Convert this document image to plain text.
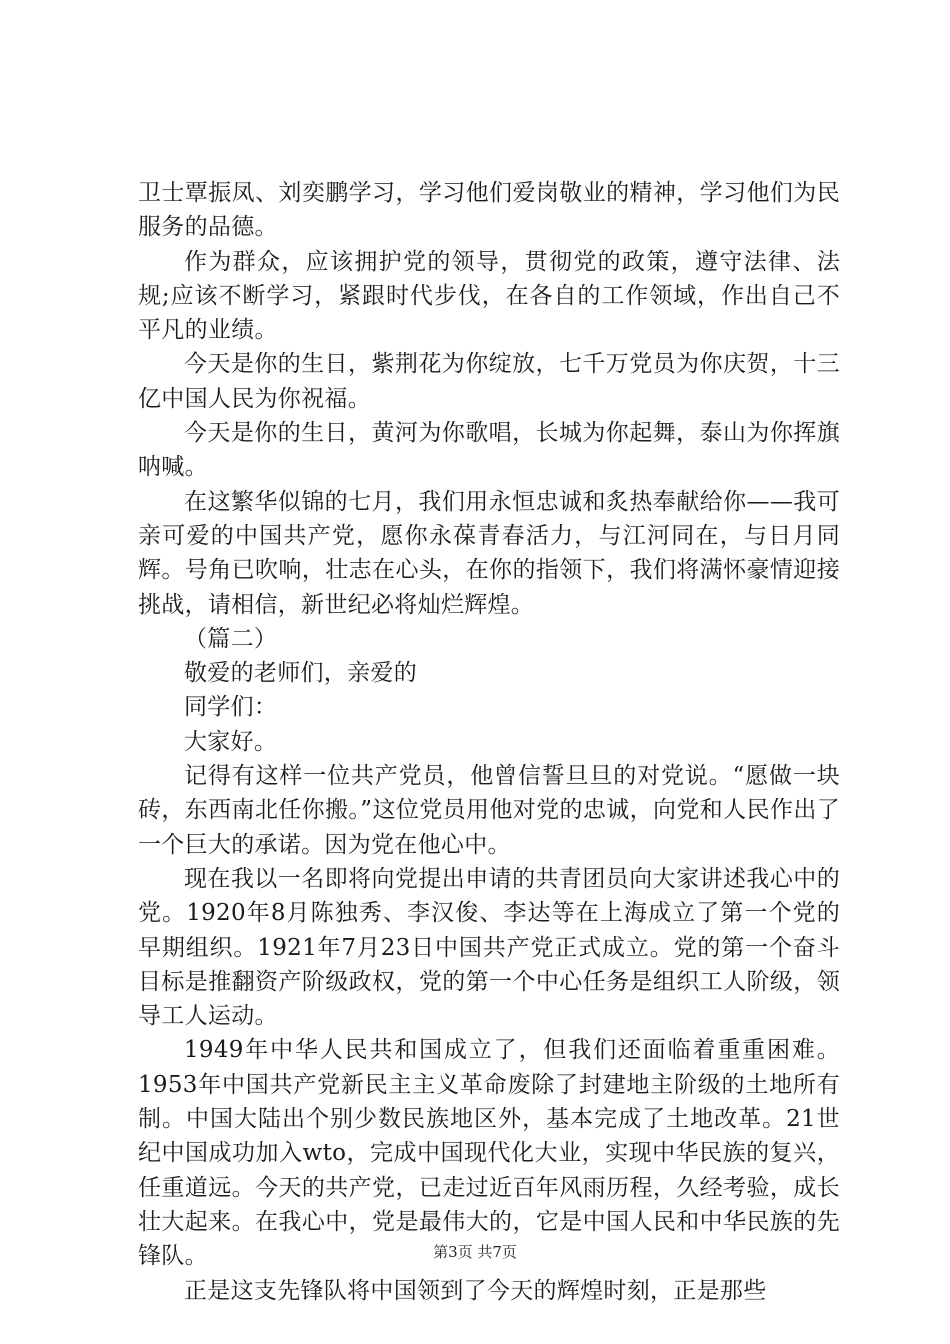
卫士覃振凤、刘奕鹏学习，学习他们爱岗敬业的精神，学习他们为民服务的品德。

作为群众，应该拥护党的领导，贯彻党的政策，遵守法律、法规;应该不断学习，紧跟时代步伐，在各自的工作领域，作出自己不平凡的业绩。

今天是你的生日，紫荆花为你绽放，七千万党员为你庆贺，十三亿中国人民为你祝福。

今天是你的生日，黄河为你歌唱，长城为你起舞，泰山为你挥旗呐喊。

在这繁华似锦的七月，我们用永恒忠诚和炙热奉献给你——我可亲可爱的中国共产党，愿你永葆青春活力，与江河同在，与日月同辉。号角已吹响，壮志在心头，在你的指领下，我们将满怀豪情迎接挑战，请相信，新世纪必将灿烂辉煌。

（篇二）

敬爱的老师们，亲爱的

同学们：

大家好。

记得有这样一位共产党员，他曾信誓旦旦的对党说。“愿做一块砖，东西南北任你搬。”这位党员用他对党的忠诚，向党和人民作出了一个巨大的承诺。因为党在他心中。

现在我以一名即将向党提出申请的共青团员向大家讲述我心中的党。1920年8月陈独秀、李汉俊、李达等在上海成立了第一个党的早期组织。1921年7月23日中国共产党正式成立。党的第一个奋斗目标是推翻资产阶级政权，党的第一个中心任务是组织工人阶级，领导工人运动。

1949年中华人民共和国成立了，但我们还面临着重重困难。1953年中国共产党新民主主义革命废除了封建地主阶级的土地所有制。中国大陆出个别少数民族地区外，基本完成了土地改革。21世纪中国成功加入wto，完成中国现代化大业，实现中华民族的复兴，任重道远。今天的共产党，已走过近百年风雨历程，久经考验，成长壮大起来。在我心中，党是最伟大的，它是中国人民和中华民族的先锋队。

正是这支先锋队将中国领到了今天的辉煌时刻，正是那些

第3页 共7页
